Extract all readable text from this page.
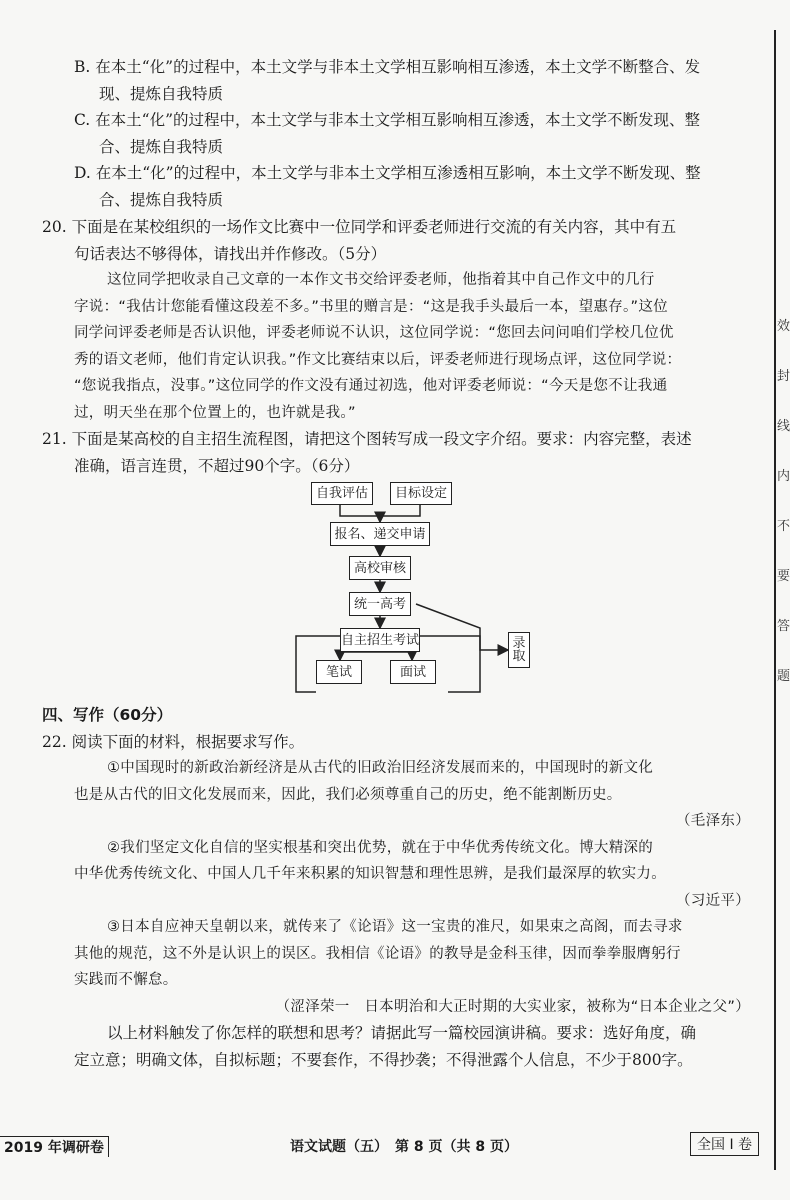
效
封
线
内
不
要
答
题

B. 在本土“化”的过程中，本土文学与非本土文学相互影响相互渗透，本土文学不断整合、发

现、提炼自我特质

C. 在本土“化”的过程中，本土文学与非本土文学相互影响相互渗透，本土文学不断发现、整

合、提炼自我特质

D. 在本土“化”的过程中，本土文学与非本土文学相互渗透相互影响，本土文学不断发现、整

合、提炼自我特质

20. 下面是在某校组织的一场作文比赛中一位同学和评委老师进行交流的有关内容，其中有五

句话表达不够得体，请找出并作修改。（5分）

这位同学把收录自己文章的一本作文书交给评委老师，他指着其中自己作文中的几行

字说：“我估计您能看懂这段差不多。”书里的赠言是：“这是我手头最后一本，望惠存。”这位

同学问评委老师是否认识他，评委老师说不认识，这位同学说：“您回去问问咱们学校几位优

秀的语文老师，他们肯定认识我。”作文比赛结束以后，评委老师进行现场点评，这位同学说：

“您说我指点，没事。”这位同学的作文没有通过初选，他对评委老师说：“今天是您不让我通

过，明天坐在那个位置上的，也许就是我。”

21. 下面是某高校的自主招生流程图，请把这个图转写成一段文字介绍。要求：内容完整，表述

准确，语言连贯，不超过90个字。（6分）

自我评估	目标设定
报名、递交申请
高校审核
统一高考
自主招生考试
笔试	面试
录
取

四、写作（60分）

22. 阅读下面的材料，根据要求写作。

①中国现时的新政治新经济是从古代的旧政治旧经济发展而来的，中国现时的新文化

也是从古代的旧文化发展而来，因此，我们必须尊重自己的历史，绝不能割断历史。

（毛泽东）

②我们坚定文化自信的坚实根基和突出优势，就在于中华优秀传统文化。博大精深的

中华优秀传统文化、中国人几千年来积累的知识智慧和理性思辨，是我们最深厚的软实力。

（习近平）

③日本自应神天皇朝以来，就传来了《论语》这一宝贵的准尺，如果束之高阁，而去寻求

其他的规范，这不外是认识上的误区。我相信《论语》的教导是金科玉律，因而拳拳服膺躬行

实践而不懈怠。

（涩泽荣一　日本明治和大正时期的大实业家，被称为“日本企业之父”）

以上材料触发了你怎样的联想和思考？请据此写一篇校园演讲稿。要求：选好角度，确

定立意；明确文体，自拟标题；不要套作，不得抄袭；不得泄露个人信息，不少于800字。

2019 年调研卷	语文试题（五）　第 8 页（共 8 页）	全国 I 卷
